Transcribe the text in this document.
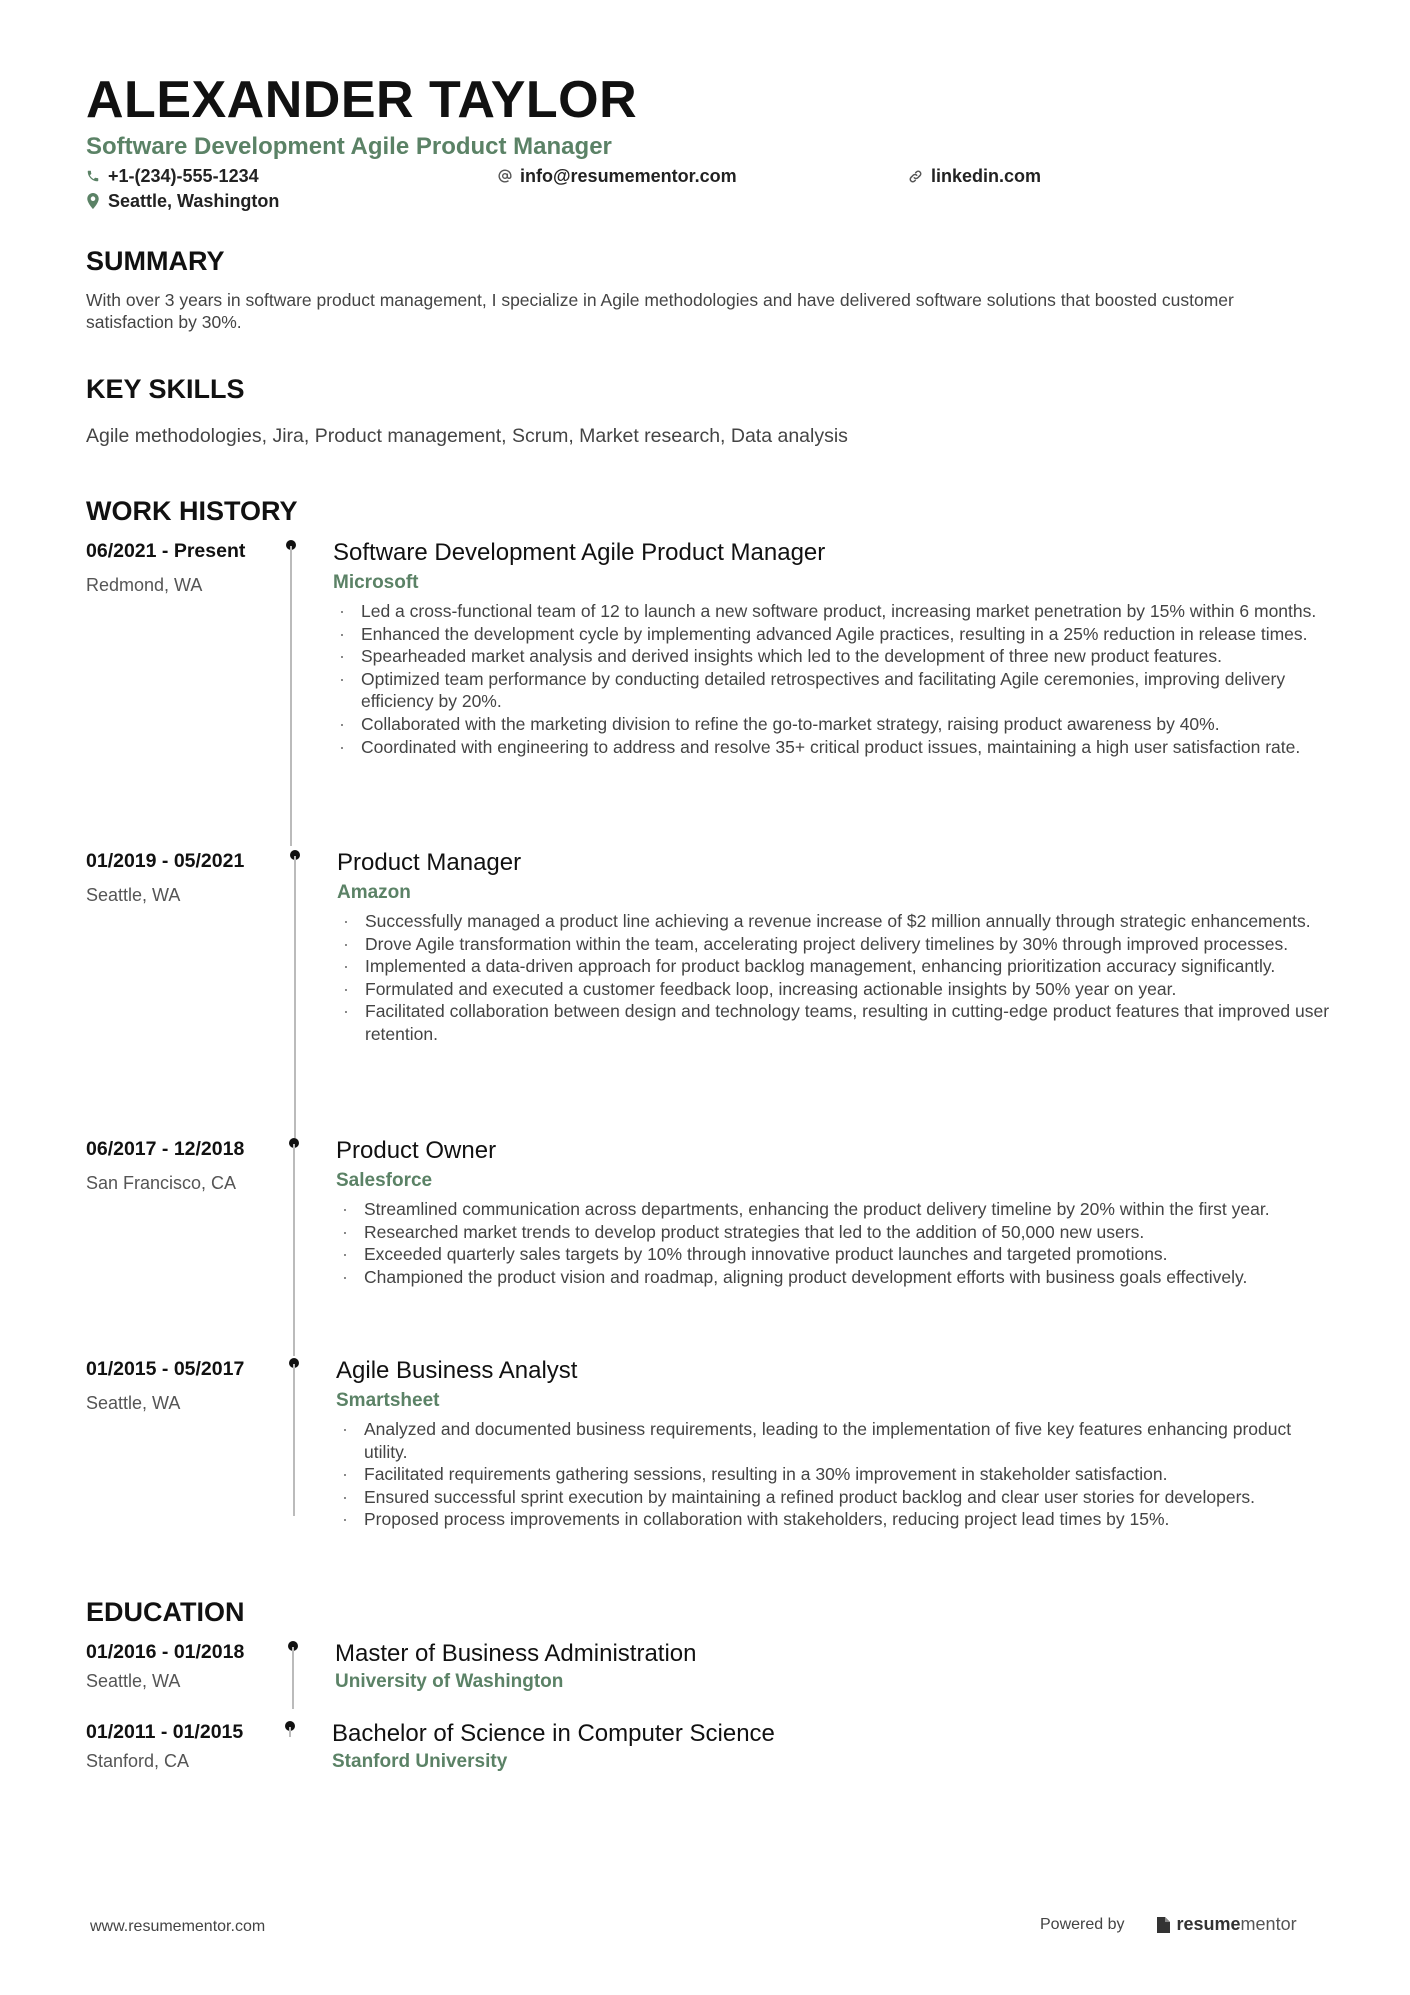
ALEXANDER TAYLOR
Software Development Agile Product Manager
+1-(234)-555-1234	info@resumementor.com	linkedin.com
Seattle, Washington
SUMMARY

With over 3 years in software product management, I specialize in Agile methodologies and have delivered software solutions that boosted customer satisfaction by 30%.

KEY SKILLS

Agile methodologies, Jira, Product management, Scrum, Market research, Data analysis

WORK HISTORY
06/2021 - Present
Redmond, WA
Software Development Agile Product Manager
Microsoft
· Led a cross-functional team of 12 to launch a new software product, increasing market penetration by 15% within 6 months.
· Enhanced the development cycle by implementing advanced Agile practices, resulting in a 25% reduction in release times.
· Spearheaded market analysis and derived insights which led to the development of three new product features.
· Optimized team performance by conducting detailed retrospectives and facilitating Agile ceremonies, improving delivery efficiency by 20%.
· Collaborated with the marketing division to refine the go-to-market strategy, raising product awareness by 40%.
· Coordinated with engineering to address and resolve 35+ critical product issues, maintaining a high user satisfaction rate.
01/2019 - 05/2021
Seattle, WA
Product Manager
Amazon
· Successfully managed a product line achieving a revenue increase of $2 million annually through strategic enhancements.
· Drove Agile transformation within the team, accelerating project delivery timelines by 30% through improved processes.
· Implemented a data-driven approach for product backlog management, enhancing prioritization accuracy significantly.
· Formulated and executed a customer feedback loop, increasing actionable insights by 50% year on year.
· Facilitated collaboration between design and technology teams, resulting in cutting-edge product features that improved user retention.
06/2017 - 12/2018
San Francisco, CA
Product Owner
Salesforce
· Streamlined communication across departments, enhancing the product delivery timeline by 20% within the first year.
· Researched market trends to develop product strategies that led to the addition of 50,000 new users.
· Exceeded quarterly sales targets by 10% through innovative product launches and targeted promotions.
· Championed the product vision and roadmap, aligning product development efforts with business goals effectively.
01/2015 - 05/2017
Seattle, WA
Agile Business Analyst
Smartsheet
· Analyzed and documented business requirements, leading to the implementation of five key features enhancing product utility.
· Facilitated requirements gathering sessions, resulting in a 30% improvement in stakeholder satisfaction.
· Ensured successful sprint execution by maintaining a refined product backlog and clear user stories for developers.
· Proposed process improvements in collaboration with stakeholders, reducing project lead times by 15%.
EDUCATION
01/2016 - 01/2018
Seattle, WA
Master of Business Administration
University of Washington
01/2011 - 01/2015
Stanford, CA
Bachelor of Science in Computer Science
Stanford University
www.resumementor.com	Powered by	resume mentor
